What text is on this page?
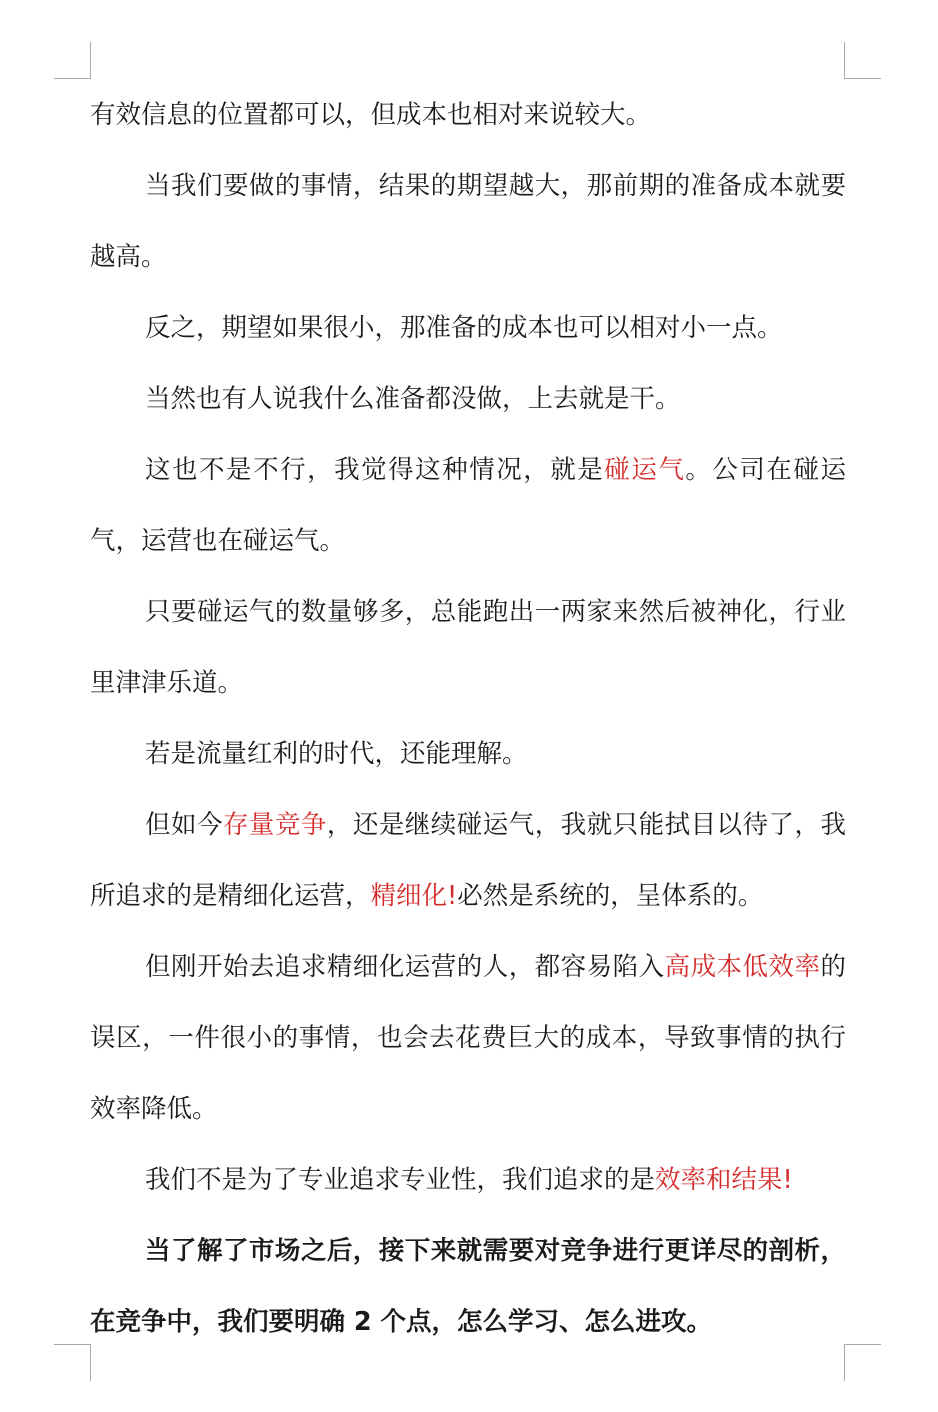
有效信息的位置都可以，但成本也相对来说较大。

当我们要做的事情，结果的期望越大，那前期的准备成本就要越高。

反之，期望如果很小，那准备的成本也可以相对小一点。

当然也有人说我什么准备都没做，上去就是干。

这也不是不行，我觉得这种情况，就是碰运气。公司在碰运气，运营也在碰运气。

只要碰运气的数量够多，总能跑出一两家来然后被神化，行业里津津乐道。

若是流量红利的时代，还能理解。

但如今存量竞争，还是继续碰运气，我就只能拭目以待了，我所追求的是精细化运营，精细化!必然是系统的，呈体系的。

但刚开始去追求精细化运营的人，都容易陷入高成本低效率的误区，一件很小的事情，也会去花费巨大的成本，导致事情的执行效率降低。

我们不是为了专业追求专业性，我们追求的是效率和结果!

当了解了市场之后，接下来就需要对竞争进行更详尽的剖析，在竞争中，我们要明确 2 个点，怎么学习、怎么进攻。
